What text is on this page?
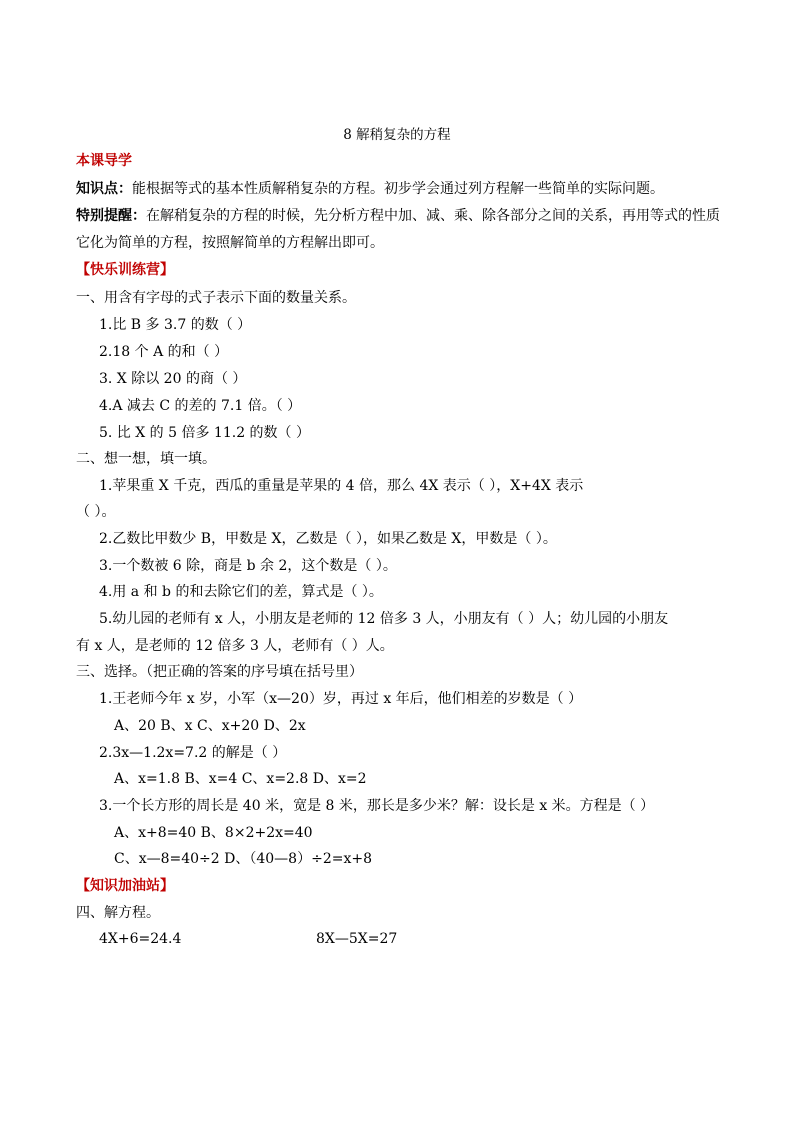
8 解稍复杂的方程
本课导学
知识点：能根据等式的基本性质解稍复杂的方程。初步学会通过列方程解一些简单的实际问题。
特别提醒：在解稍复杂的方程的时候，先分析方程中加、减、乘、除各部分之间的关系，再用等式的性质
它化为简单的方程，按照解简单的方程解出即可。
【快乐训练营】
一、用含有字母的式子表示下面的数量关系。
1.比 B 多 3.7 的数（ ）
2.18 个 A 的和（ ）
3. X 除以 20 的商（ ）
4.A 减去 C 的差的 7.1 倍。（ ）
5. 比 X 的 5 倍多 11.2 的数（ ）
二、想一想，填一填。
1.苹果重 X 千克，西瓜的重量是苹果的 4 倍，那么 4X 表示（ ），X+4X 表示
（ ）。
2.乙数比甲数少 B，甲数是 X，乙数是（ ），如果乙数是 X，甲数是（ ）。
3.一个数被 6 除，商是 b 余 2，这个数是（ ）。
4.用 a 和 b 的和去除它们的差，算式是（ ）。
5.幼儿园的老师有 x 人，小朋友是老师的 12 倍多 3 人，小朋友有（ ）人；幼儿园的小朋友
有 x 人，是老师的 12 倍多 3 人，老师有（ ）人。
三、选择。（把正确的答案的序号填在括号里）
1.王老师今年 x 岁，小军（x—20）岁，再过 x 年后，他们相差的岁数是（ ）
A、20 B、x C、x+20 D、2x
2.3x—1.2x=7.2 的解是（ ）
A、x=1.8 B、x=4 C、x=2.8 D、x=2
3.一个长方形的周长是 40 米，宽是 8 米，那长是多少米？解：设长是 x 米。方程是（ ）
A、x+8=40 B、8×2+2x=40
C、x—8=40÷2 D、（40—8）÷2=x+8
【知识加油站】
四、解方程。
4X+6=24.4	8X—5X=27
